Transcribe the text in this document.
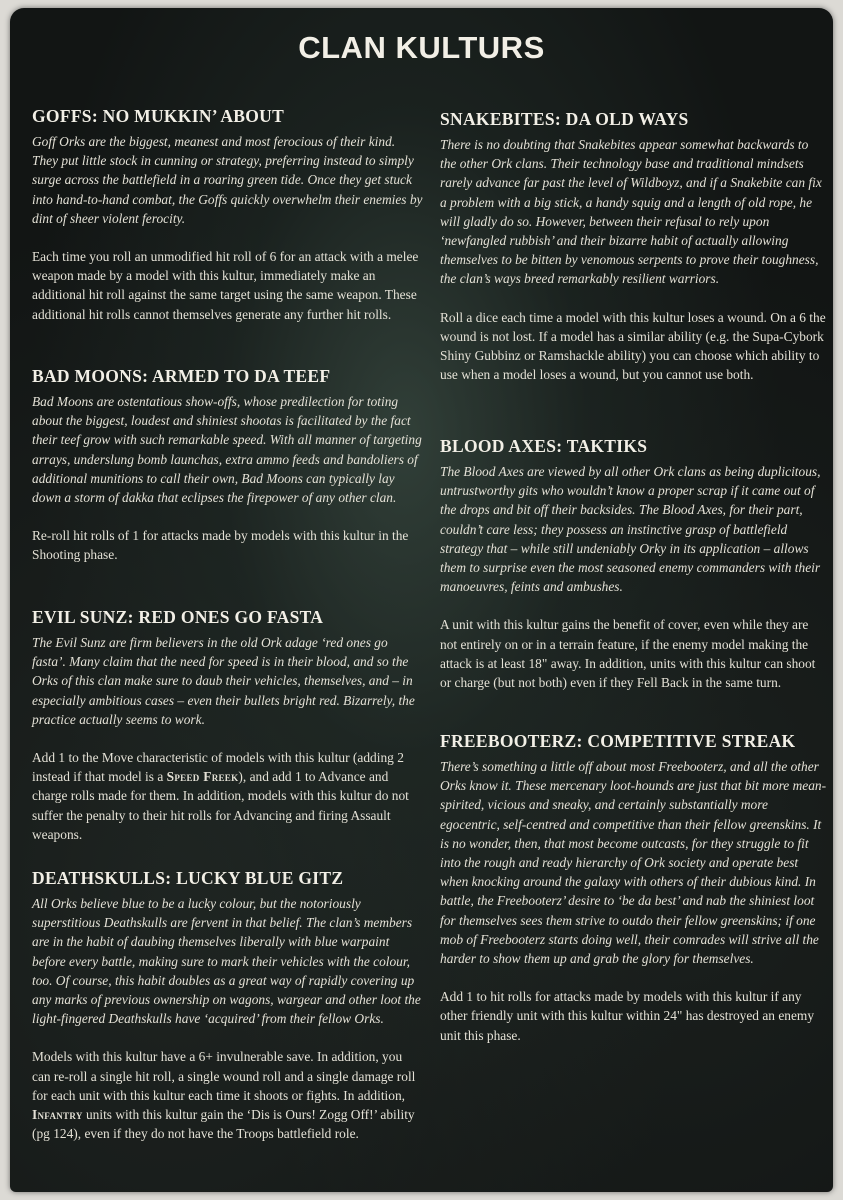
CLAN KULTURS
GOFFS: NO MUKKIN’ ABOUT

Goff Orks are the biggest, meanest and most ferocious of their kind. They put little stock in cunning or strategy, preferring instead to simply surge across the battlefield in a roaring green tide. Once they get stuck into hand-to-hand combat, the Goffs quickly overwhelm their enemies by dint of sheer violent ferocity.

Each time you roll an unmodified hit roll of 6 for an attack with a melee weapon made by a model with this kultur, immediately make an additional hit roll against the same target using the same weapon. These additional hit rolls cannot themselves generate any further hit rolls.

BAD MOONS: ARMED TO DA TEEF

Bad Moons are ostentatious show-offs, whose predilection for toting about the biggest, loudest and shiniest shootas is facilitated by the fact their teef grow with such remarkable speed. With all manner of targeting arrays, underslung bomb launchas, extra ammo feeds and bandoliers of additional munitions to call their own, Bad Moons can typically lay down a storm of dakka that eclipses the firepower of any other clan.

Re-roll hit rolls of 1 for attacks made by models with this kultur in the Shooting phase.

EVIL SUNZ: RED ONES GO FASTA

The Evil Sunz are firm believers in the old Ork adage ‘red ones go fasta’. Many claim that the need for speed is in their blood, and so the Orks of this clan make sure to daub their vehicles, themselves, and – in especially ambitious cases – even their bullets bright red. Bizarrely, the practice actually seems to work.

Add 1 to the Move characteristic of models with this kultur (adding 2 instead if that model is a Speed Freek), and add 1 to Advance and charge rolls made for them. In addition, models with this kultur do not suffer the penalty to their hit rolls for Advancing and firing Assault weapons.

DEATHSKULLS: LUCKY BLUE GITZ

All Orks believe blue to be a lucky colour, but the notoriously superstitious Deathskulls are fervent in that belief. The clan’s members are in the habit of daubing themselves liberally with blue warpaint before every battle, making sure to mark their vehicles with the colour, too. Of course, this habit doubles as a great way of rapidly covering up any marks of previous ownership on wagons, wargear and other loot the light-fingered Deathskulls have ‘acquired’ from their fellow Orks.

Models with this kultur have a 6+ invulnerable save. In addition, you can re-roll a single hit roll, a single wound roll and a single damage roll for each unit with this kultur each time it shoots or fights. In addition, Infantry units with this kultur gain the ‘Dis is Ours! Zogg Off!’ ability (pg 124), even if they do not have the Troops battlefield role.

SNAKEBITES: DA OLD WAYS

There is no doubting that Snakebites appear somewhat backwards to the other Ork clans. Their technology base and traditional mindsets rarely advance far past the level of Wildboyz, and if a Snakebite can fix a problem with a big stick, a handy squig and a length of old rope, he will gladly do so. However, between their refusal to rely upon ‘newfangled rubbish’ and their bizarre habit of actually allowing themselves to be bitten by venomous serpents to prove their toughness, the clan’s ways breed remarkably resilient warriors.

Roll a dice each time a model with this kultur loses a wound. On a 6 the wound is not lost. If a model has a similar ability (e.g. the Supa-Cybork Shiny Gubbinz or Ramshackle ability) you can choose which ability to use when a model loses a wound, but you cannot use both.

BLOOD AXES: TAKTIKS

The Blood Axes are viewed by all other Ork clans as being duplicitous, untrustworthy gits who wouldn’t know a proper scrap if it came out of the drops and bit off their backsides. The Blood Axes, for their part, couldn’t care less; they possess an instinctive grasp of battlefield strategy that – while still undeniably Orky in its application – allows them to surprise even the most seasoned enemy commanders with their manoeuvres, feints and ambushes.

A unit with this kultur gains the benefit of cover, even while they are not entirely on or in a terrain feature, if the enemy model making the attack is at least 18" away. In addition, units with this kultur can shoot or charge (but not both) even if they Fell Back in the same turn.

FREEBOOTERZ: COMPETITIVE STREAK

There’s something a little off about most Freebooterz, and all the other Orks know it. These mercenary loot-hounds are just that bit more mean-spirited, vicious and sneaky, and certainly substantially more egocentric, self-centred and competitive than their fellow greenskins. It is no wonder, then, that most become outcasts, for they struggle to fit into the rough and ready hierarchy of Ork society and operate best when knocking around the galaxy with others of their dubious kind. In battle, the Freebooterz’ desire to ‘be da best’ and nab the shiniest loot for themselves sees them strive to outdo their fellow greenskins; if one mob of Freebooterz starts doing well, their comrades will strive all the harder to show them up and grab the glory for themselves.

Add 1 to hit rolls for attacks made by models with this kultur if any other friendly unit with this kultur within 24" has destroyed an enemy unit this phase.
